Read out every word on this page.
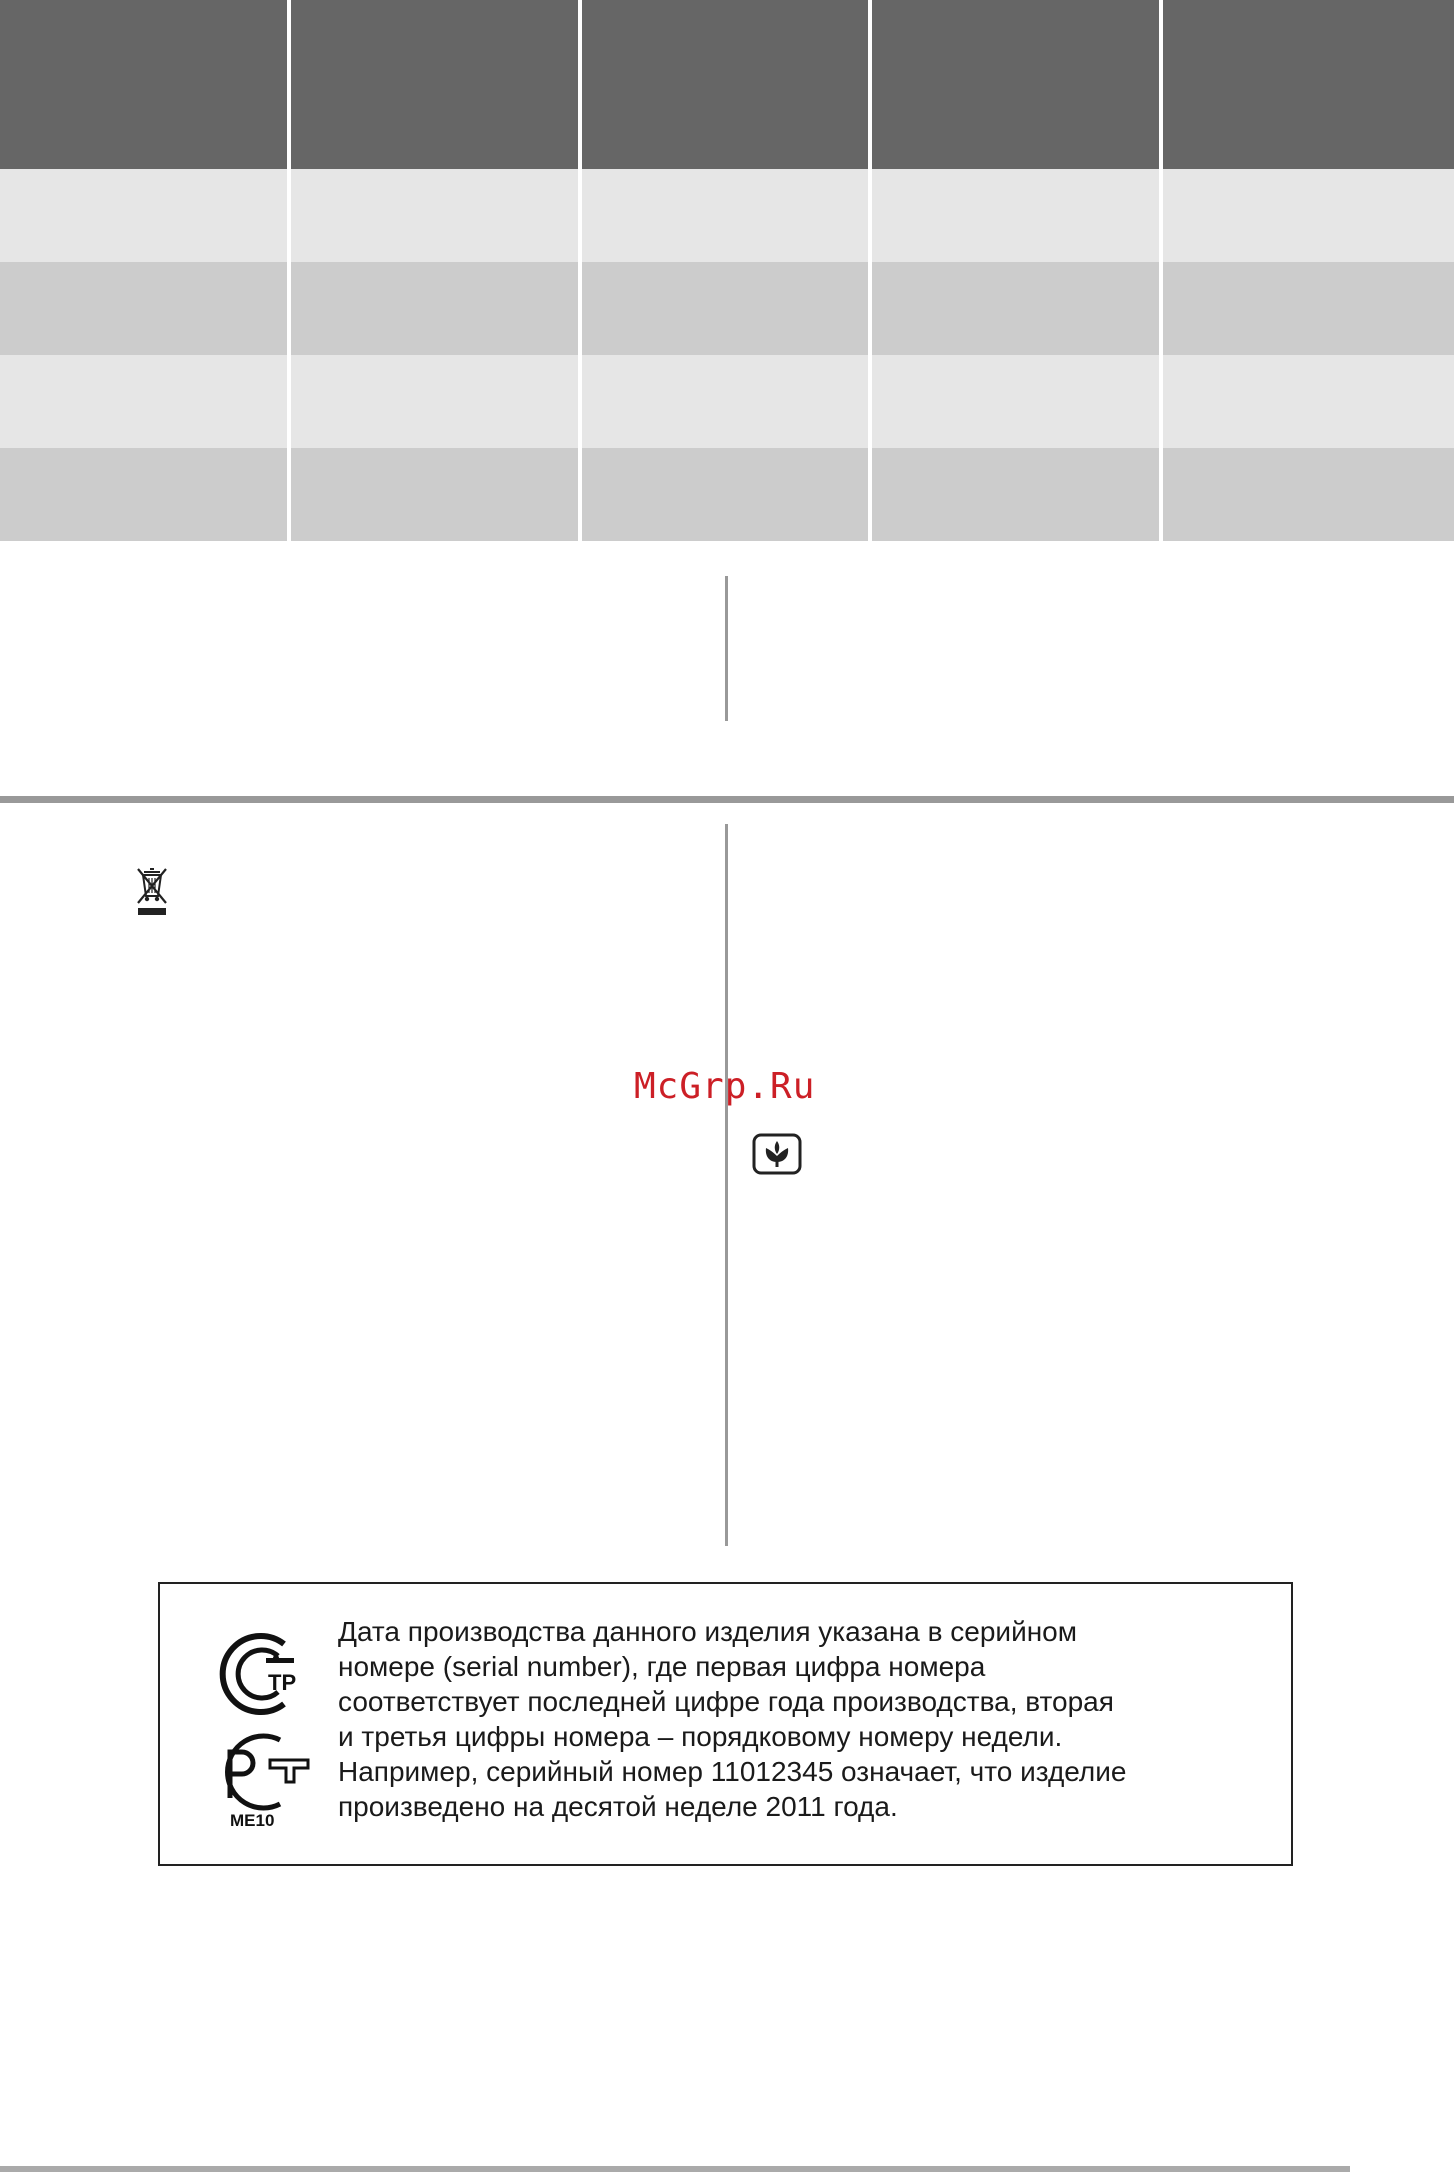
McGrp.Ru
ТР
ME10

Дата производства данного изделия указана в серийном
номере (serial number), где первая цифра номера
соответствует последней цифре года производства, вторая
и третья цифры номера – порядковому номеру недели.
Например, серийный номер 11012345 означает, что изделие
произведено на десятой неделе 2011 года.
